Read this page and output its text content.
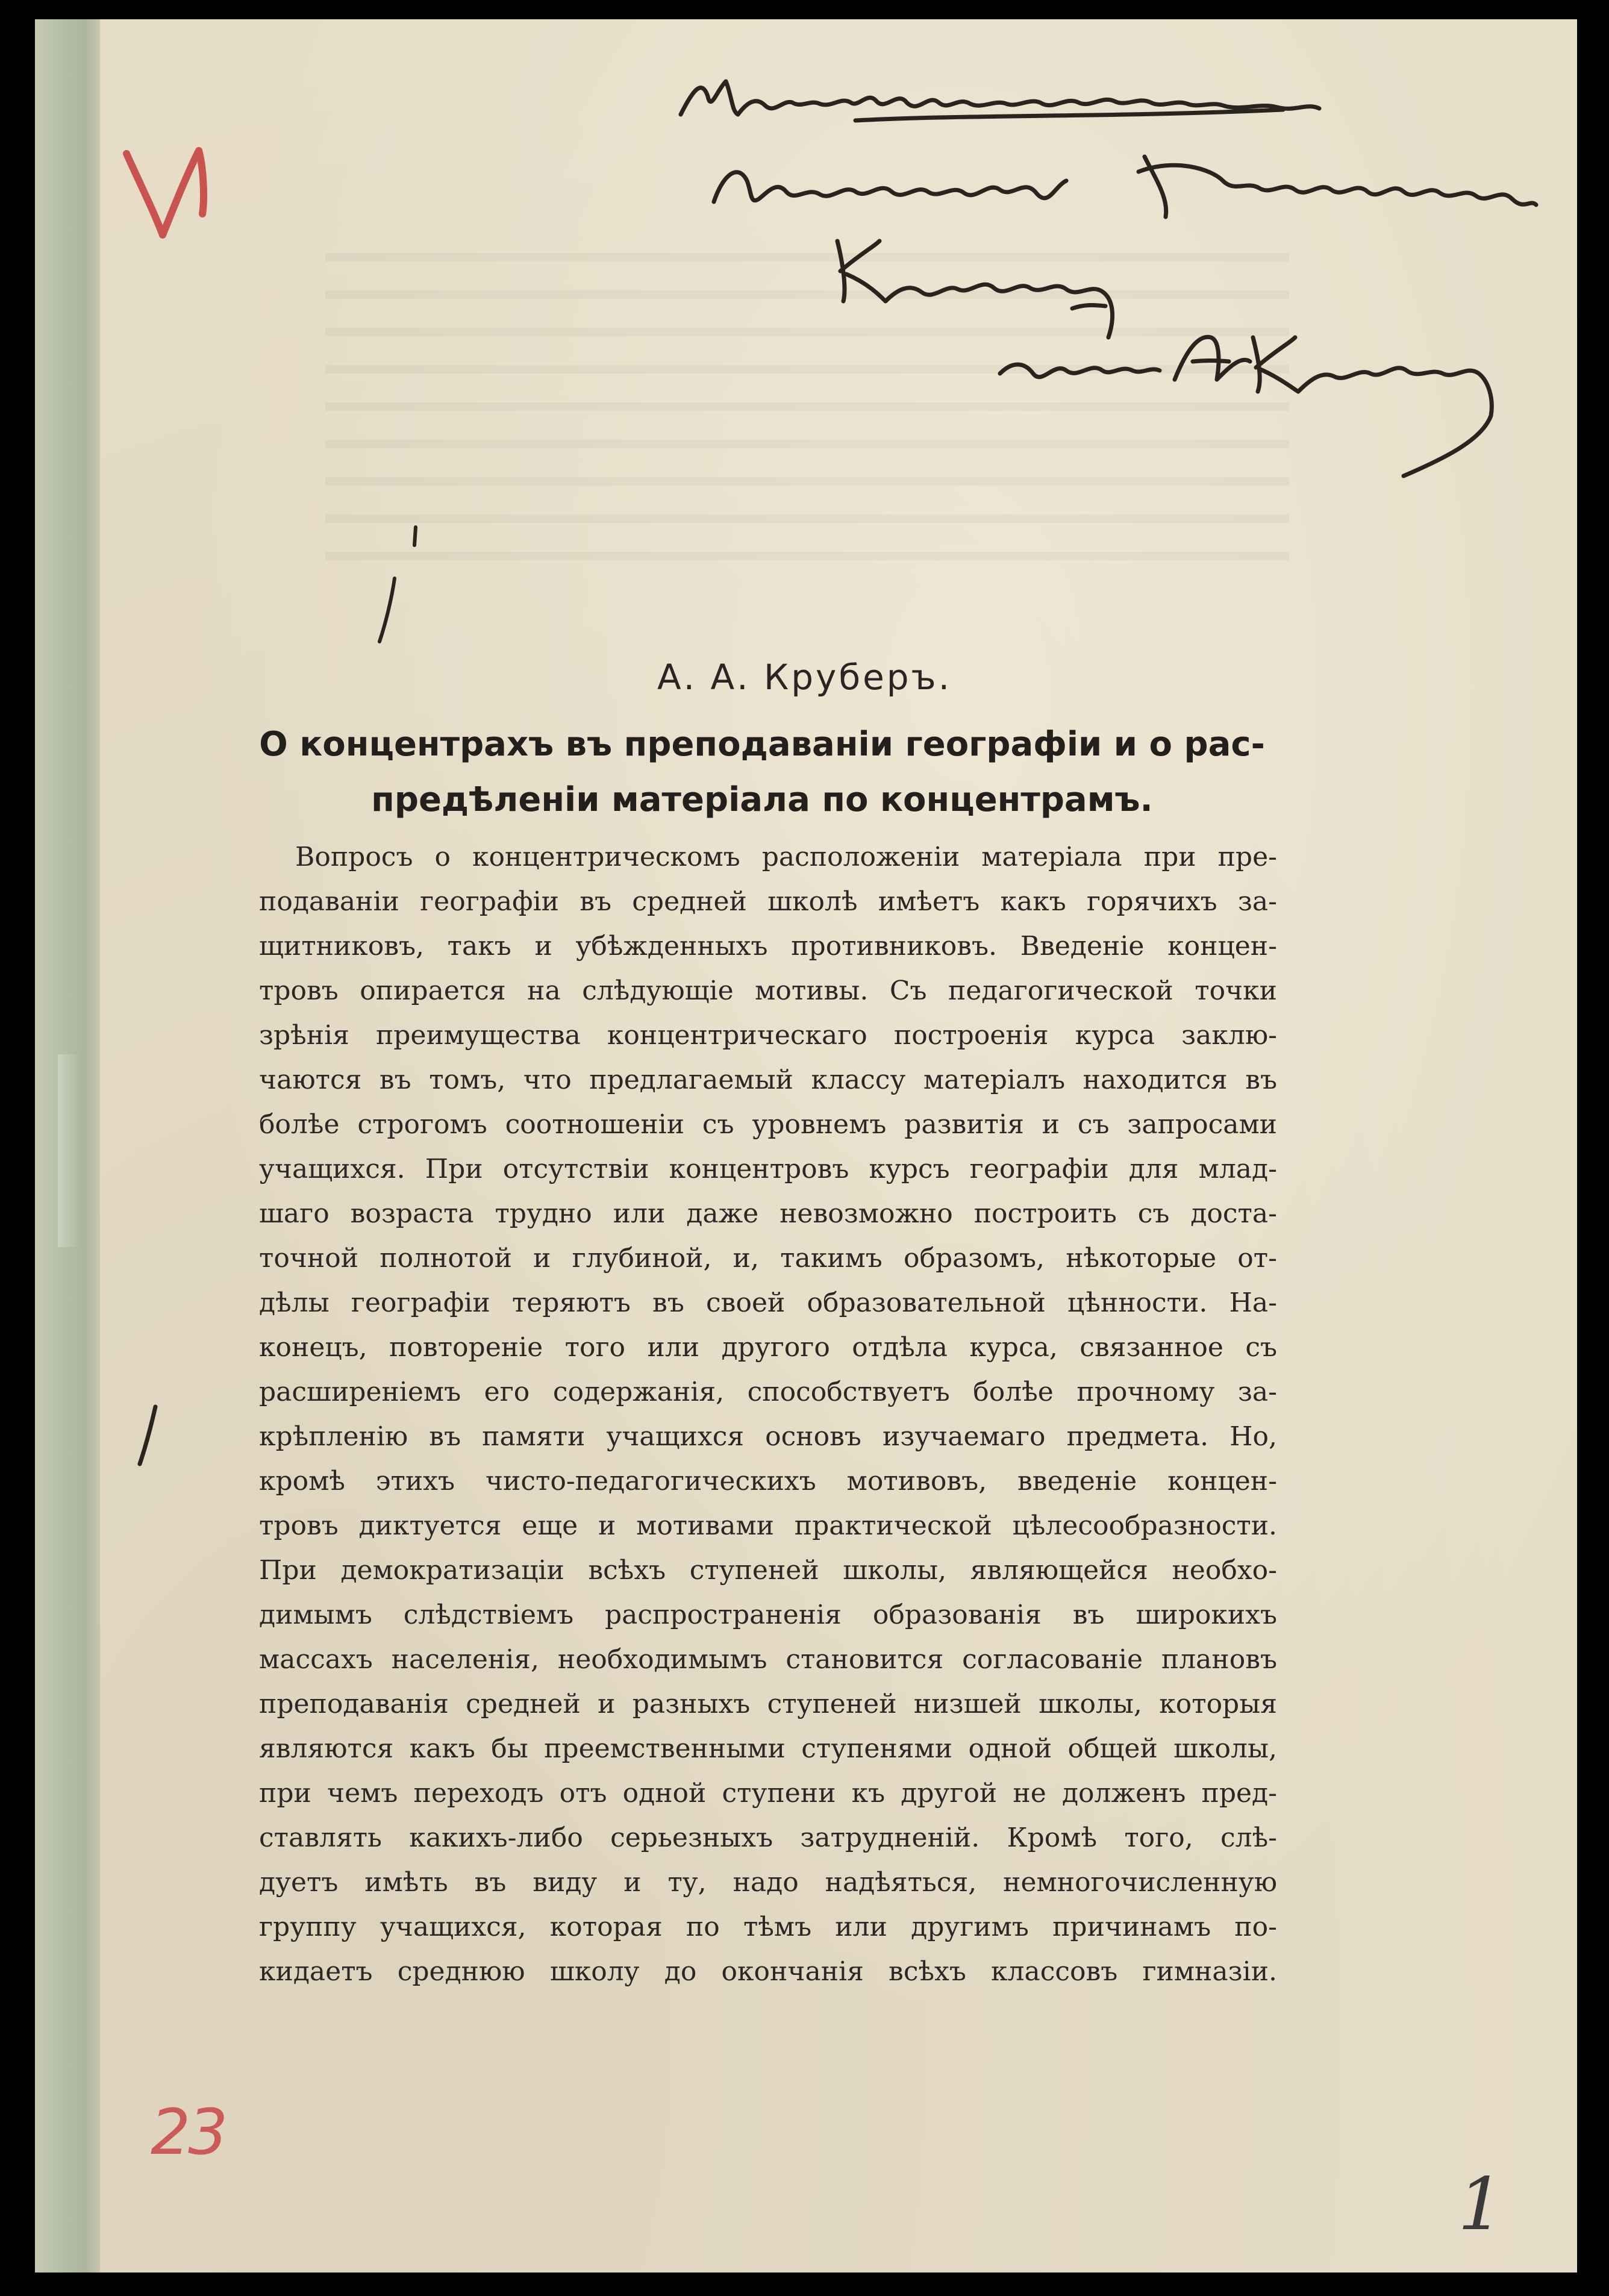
23
1

А. А. Круберъ.

О концентрахъ въ преподаваніи географіи и о рас-
предѣленіи матеріала по концентрамъ.
Вопросъ о концентрическомъ расположеніи матеріала при пре-
подаваніи географіи въ средней школѣ имѣетъ какъ горячихъ за-
щитниковъ, такъ и убѣжденныхъ противниковъ. Введеніе концен-
тровъ опирается на слѣдующіе мотивы. Съ педагогической точки
зрѣнія преимущества концентрическаго построенія курса заклю-
чаются въ томъ, что предлагаемый классу матеріалъ находится въ
болѣе строгомъ соотношеніи съ уровнемъ развитія и съ запросами
учащихся. При отсутствіи концентровъ курсъ географіи для млад-
шаго возраста трудно или даже невозможно построить съ доста-
точной полнотой и глубиной, и, такимъ образомъ, нѣкоторые от-
дѣлы географіи теряютъ въ своей образовательной цѣнности. На-
конецъ, повтореніе того или другого отдѣла курса, связанное съ
расширеніемъ его содержанія, способствуетъ болѣе прочному за-
крѣпленію въ памяти учащихся основъ изучаемаго предмета. Но,
кромѣ этихъ чисто-педагогическихъ мотивовъ, введеніе концен-
тровъ диктуется еще и мотивами практической цѣлесообразности.
При демократизаціи всѣхъ ступеней школы, являющейся необхо-
димымъ слѣдствіемъ распространенія образованія въ широкихъ
массахъ населенія, необходимымъ становится согласованіе плановъ
преподаванія средней и разныхъ ступеней низшей школы, которыя
являются какъ бы преемственными ступенями одной общей школы,
при чемъ переходъ отъ одной ступени къ другой не долженъ пред-
ставлять какихъ-либо серьезныхъ затрудненій. Кромѣ того, слѣ-
дуетъ имѣть въ виду и ту, надо надѣяться, немногочисленную
группу учащихся, которая по тѣмъ или другимъ причинамъ по-
кидаетъ среднюю школу до окончанія всѣхъ классовъ гимназіи.
